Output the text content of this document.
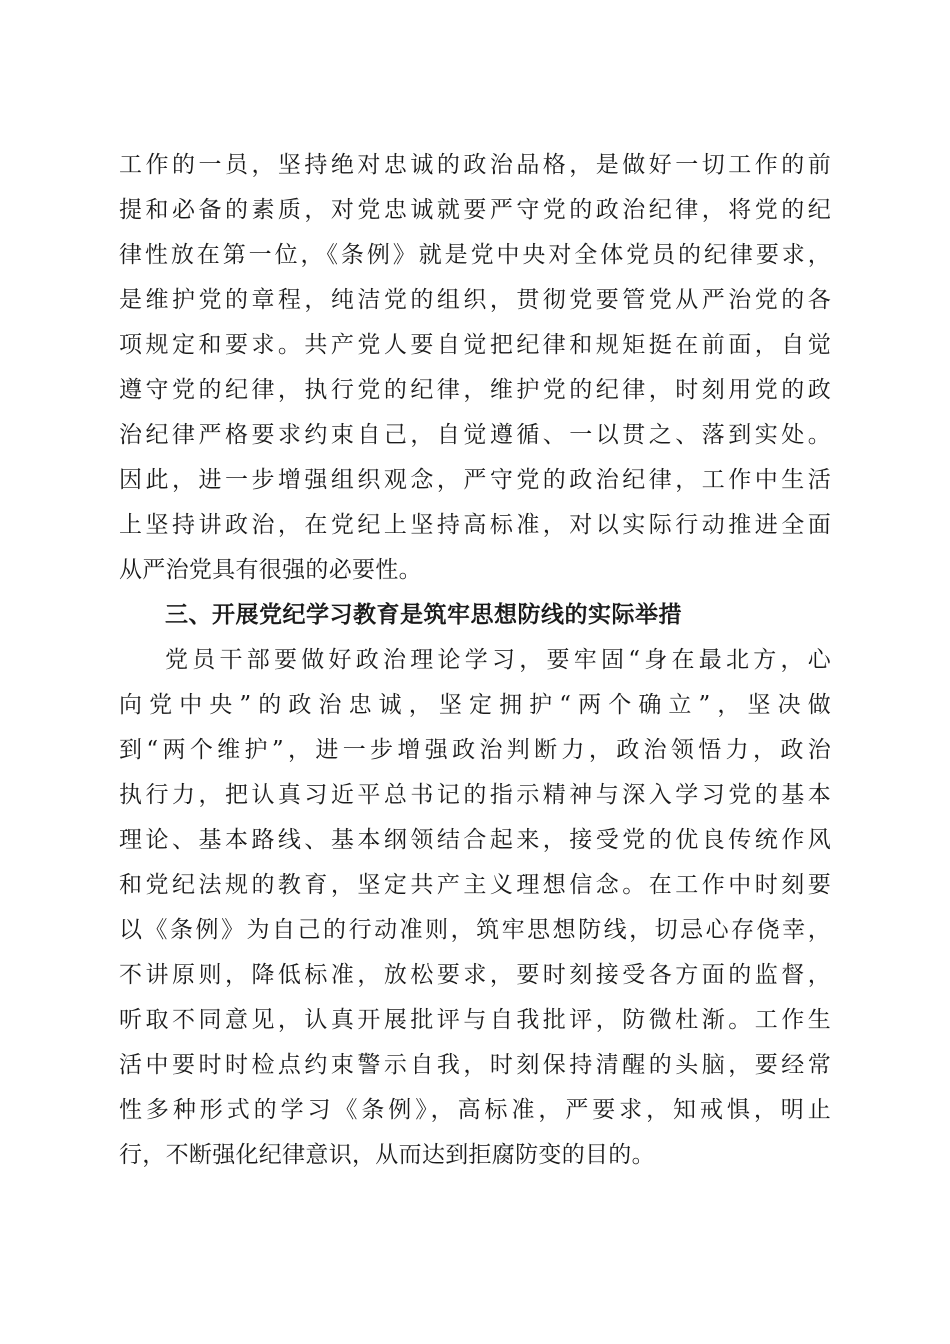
工作的一员，坚持绝对忠诚的政治品格，是做好一切工作的前
提和必备的素质，对党忠诚就要严守党的政治纪律，将党的纪
律性放在第一位，《条例》就是党中央对全体党员的纪律要求，
是维护党的章程，纯洁党的组织，贯彻党要管党从严治党的各
项规定和要求。共产党人要自觉把纪律和规矩挺在前面，自觉
遵守党的纪律，执行党的纪律，维护党的纪律，时刻用党的政
治纪律严格要求约束自己，自觉遵循、一以贯之、落到实处。
因此，进一步增强组织观念，严守党的政治纪律，工作中生活
上坚持讲政治，在党纪上坚持高标准，对以实际行动推进全面
从严治党具有很强的必要性。
三、开展党纪学习教育是筑牢思想防线的实际举措
党员干部要做好政治理论学习，要牢固“身在最北方，心
向党中央”的政治忠诚，坚定拥护“两个确立”，坚决做
到“两个维护”，进一步增强政治判断力，政治领悟力，政治
执行力，把认真习近平总书记的指示精神与深入学习党的基本
理论、基本路线、基本纲领结合起来，接受党的优良传统作风
和党纪法规的教育，坚定共产主义理想信念。在工作中时刻要
以《条例》为自己的行动准则，筑牢思想防线，切忌心存侥幸，
不讲原则，降低标准，放松要求，要时刻接受各方面的监督，
听取不同意见，认真开展批评与自我批评，防微杜渐。工作生
活中要时时检点约束警示自我，时刻保持清醒的头脑，要经常
性多种形式的学习《条例》，高标准，严要求，知戒惧，明止
行，不断强化纪律意识，从而达到拒腐防变的目的。
